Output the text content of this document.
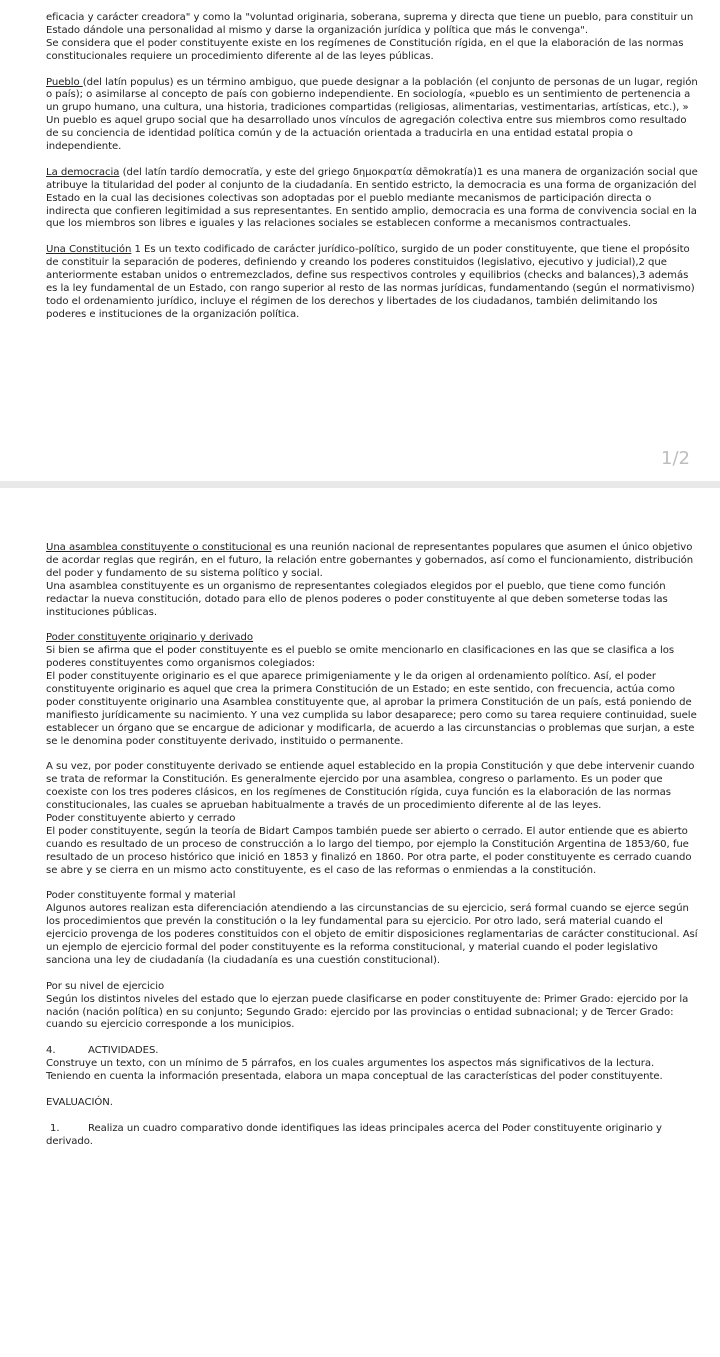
eficacia y carácter creadora" y como la "voluntad originaria, soberana, suprema y directa que tiene un pueblo, para constituir un Estado dándole una personalidad al mismo y darse la organización jurídica y política que más le convenga".

Se considera que el poder constituyente existe en los regímenes de Constitución rígida, en el que la elaboración de las normas constitucionales requiere un procedimiento diferente al de las leyes públicas.

Pueblo (del latín populus) es un término ambiguo, que puede designar a la población (el conjunto de personas de un lugar, región o país); o asimilarse al concepto de país con gobierno independiente. En sociología, «pueblo es un sentimiento de pertenencia a un grupo humano, una cultura, una historia, tradiciones compartidas (religiosas, alimentarias, vestimentarias, artísticas, etc.), »

Un pueblo es aquel grupo social que ha desarrollado unos vínculos de agregación colectiva entre sus miembros como resultado de su conciencia de identidad política común y de la actuación orientada a traducirla en una entidad estatal propia o independiente.

La democracia (del latín tardío democratĭa, y este del griego δημοκρατία dēmokratía)1 es una manera de organización social que atribuye la titularidad del poder al conjunto de la ciudadanía. En sentido estricto, la democracia es una forma de organización del Estado en la cual las decisiones colectivas son adoptadas por el pueblo mediante mecanismos de participación directa o indirecta que confieren legitimidad a sus representantes. En sentido amplio, democracia es una forma de convivencia social en la que los miembros son libres e iguales y las relaciones sociales se establecen conforme a mecanismos contractuales.

Una Constitución 1 Es un texto codificado de carácter jurídico-político, surgido de un poder constituyente, que tiene el propósito de constituir la separación de poderes, definiendo y creando los poderes constituidos (legislativo, ejecutivo y judicial),2 que anteriormente estaban unidos o entremezclados, define sus respectivos controles y equilibrios (checks and balances),3 además es la ley fundamental de un Estado, con rango superior al resto de las normas jurídicas, fundamentando (según el normativismo) todo el ordenamiento jurídico, incluye el régimen de los derechos y libertades de los ciudadanos, también delimitando los poderes e instituciones de la organización política.

1/2

Una asamblea constituyente o constitucional es una reunión nacional de representantes populares que asumen el único objetivo de acordar reglas que regirán, en el futuro, la relación entre gobernantes y gobernados, así como el funcionamiento, distribución del poder y fundamento de su sistema político y social.

Una asamblea constituyente es un organismo de representantes colegiados elegidos por el pueblo, que tiene como función redactar la nueva constitución, dotado para ello de plenos poderes o poder constituyente al que deben someterse todas las instituciones públicas.

Poder constituyente originario y derivado

Si bien se afirma que el poder constituyente es el pueblo se omite mencionarlo en clasificaciones en las que se clasifica a los poderes constituyentes como organismos colegiados:

El poder constituyente originario es el que aparece primigeniamente y le da origen al ordenamiento político. Así, el poder constituyente originario es aquel que crea la primera Constitución de un Estado; en este sentido, con frecuencia, actúa como poder constituyente originario una Asamblea constituyente que, al aprobar la primera Constitución de un país, está poniendo de manifiesto jurídicamente su nacimiento. Y una vez cumplida su labor desaparece; pero como su tarea requiere continuidad, suele establecer un órgano que se encargue de adicionar y modificarla, de acuerdo a las circunstancias o problemas que surjan, a este se le denomina poder constituyente derivado, instituido o permanente.

A su vez, por poder constituyente derivado se entiende aquel establecido en la propia Constitución y que debe intervenir cuando se trata de reformar la Constitución. Es generalmente ejercido por una asamblea, congreso o parlamento. Es un poder que coexiste con los tres poderes clásicos, en los regímenes de Constitución rígida, cuya función es la elaboración de las normas constitucionales, las cuales se aprueban habitualmente a través de un procedimiento diferente al de las leyes.

Poder constituyente abierto y cerrado

El poder constituyente, según la teoría de Bidart Campos también puede ser abierto o cerrado. El autor entiende que es abierto cuando es resultado de un proceso de construcción a lo largo del tiempo, por ejemplo la Constitución Argentina de 1853/60, fue resultado de un proceso histórico que inició en 1853 y finalizó en 1860. Por otra parte, el poder constituyente es cerrado cuando se abre y se cierra en un mismo acto constituyente, es el caso de las reformas o enmiendas a la constitución.

Poder constituyente formal y material

Algunos autores realizan esta diferenciación atendiendo a las circunstancias de su ejercicio, será formal cuando se ejerce según los procedimientos que prevén la constitución o la ley fundamental para su ejercicio. Por otro lado, será material cuando el ejercicio provenga de los poderes constituidos con el objeto de emitir disposiciones reglamentarias de carácter constitucional. Así un ejemplo de ejercicio formal del poder constituyente es la reforma constitucional, y material cuando el poder legislativo sanciona una ley de ciudadanía (la ciudadanía es una cuestión constitucional).

Por su nivel de ejercicio

Según los distintos niveles del estado que lo ejerzan puede clasificarse en poder constituyente de: Primer Grado: ejercido por la nación (nación política) en su conjunto; Segundo Grado: ejercido por las provincias o entidad subnacional; y de Tercer Grado: cuando su ejercicio corresponde a los municipios.

4.	ACTIVIDADES.

Construye un texto, con un mínimo de 5 párrafos, en los cuales argumentes los aspectos más significativos de la lectura. Teniendo en cuenta la información presentada, elabora un mapa conceptual de las características del poder constituyente.

EVALUACIÓN.

1.	Realiza un cuadro comparativo donde identifiques las ideas principales acerca del Poder constituyente originario y derivado.
